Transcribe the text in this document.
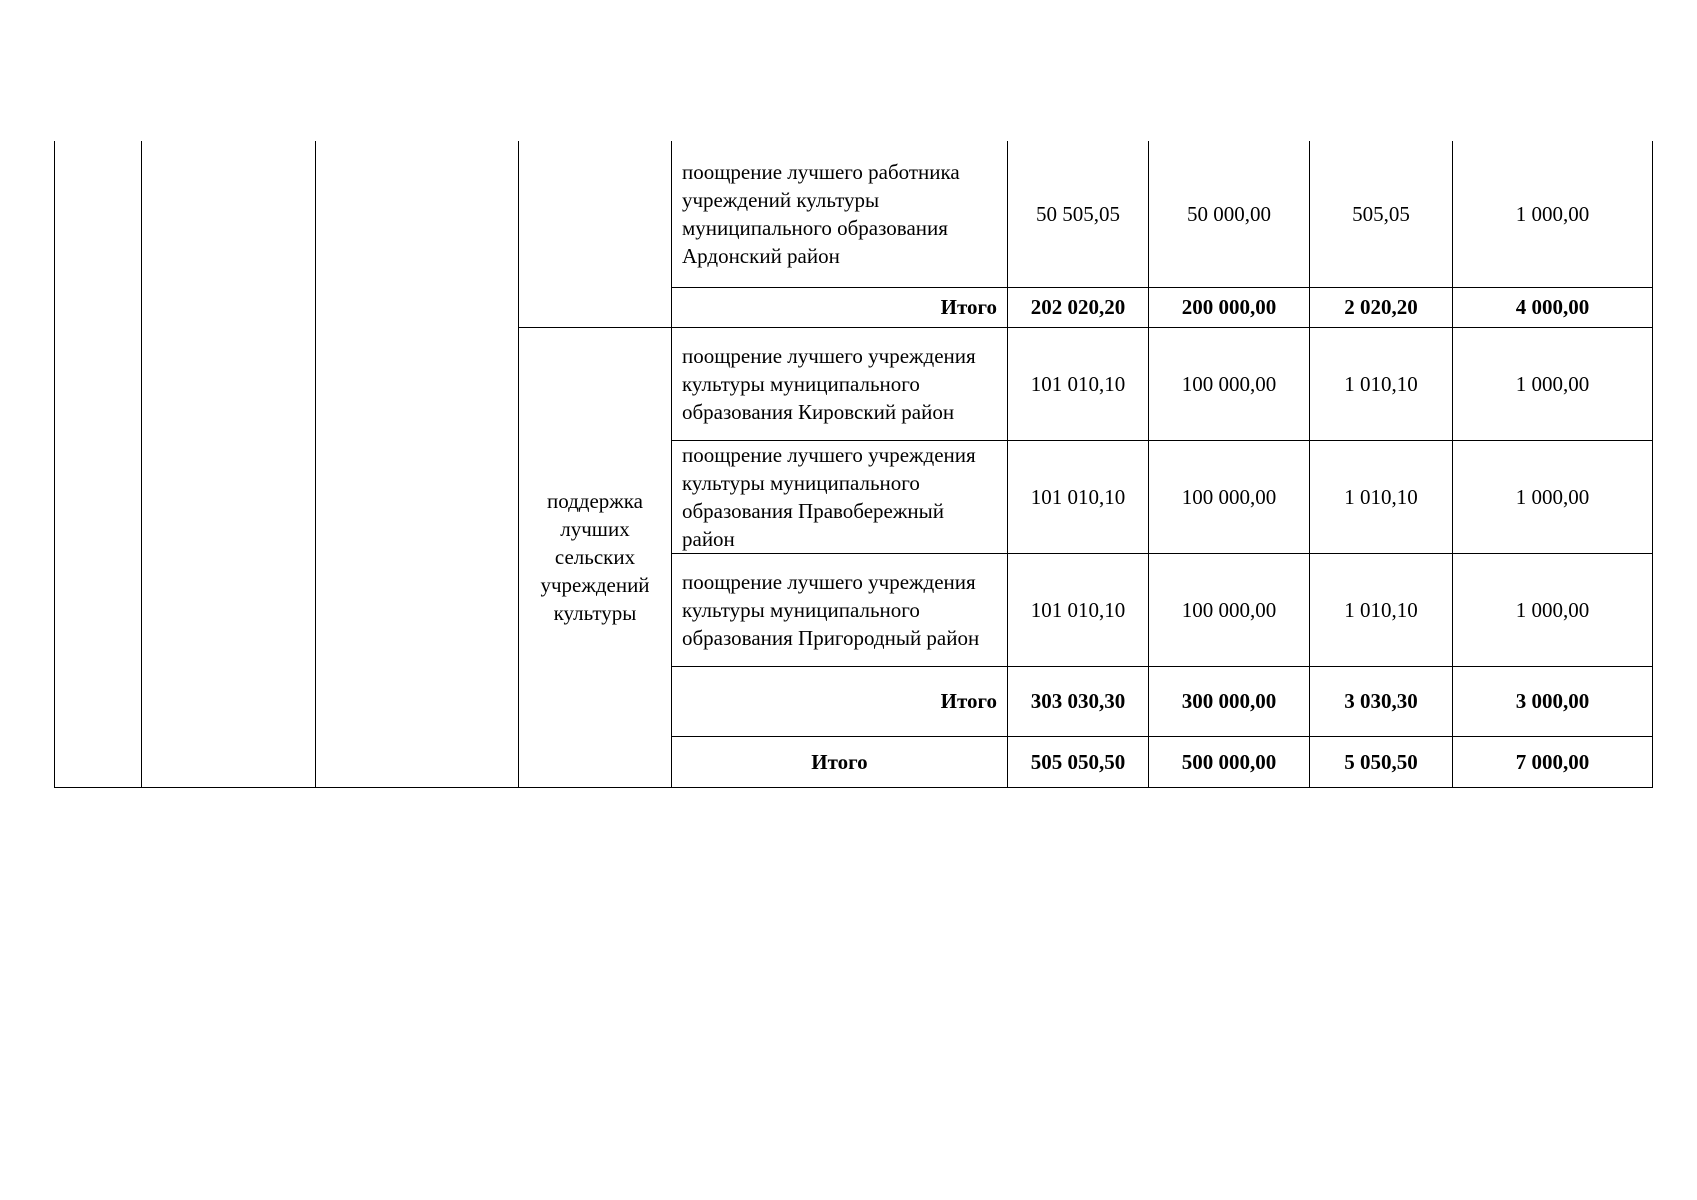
				поощрение лучшего работника учреждений культуры муниципального образования Ардонский район	50 505,05	50 000,00	505,05	1 000,00
				Итого	202 020,20	200 000,00	2 020,20	4 000,00
			поддержка лучших сельских учреждений культуры	поощрение лучшего учреждения культуры муниципального образования Кировский район	101 010,10	100 000,00	1 010,10	1 000,00
				поощрение лучшего учреждения культуры муниципального образования Правобережный район	101 010,10	100 000,00	1 010,10	1 000,00
				поощрение лучшего учреждения культуры муниципального образования Пригородный район	101 010,10	100 000,00	1 010,10	1 000,00
				Итого	303 030,30	300 000,00	3 030,30	3 000,00
				Итого	505 050,50	500 000,00	5 050,50	7 000,00
